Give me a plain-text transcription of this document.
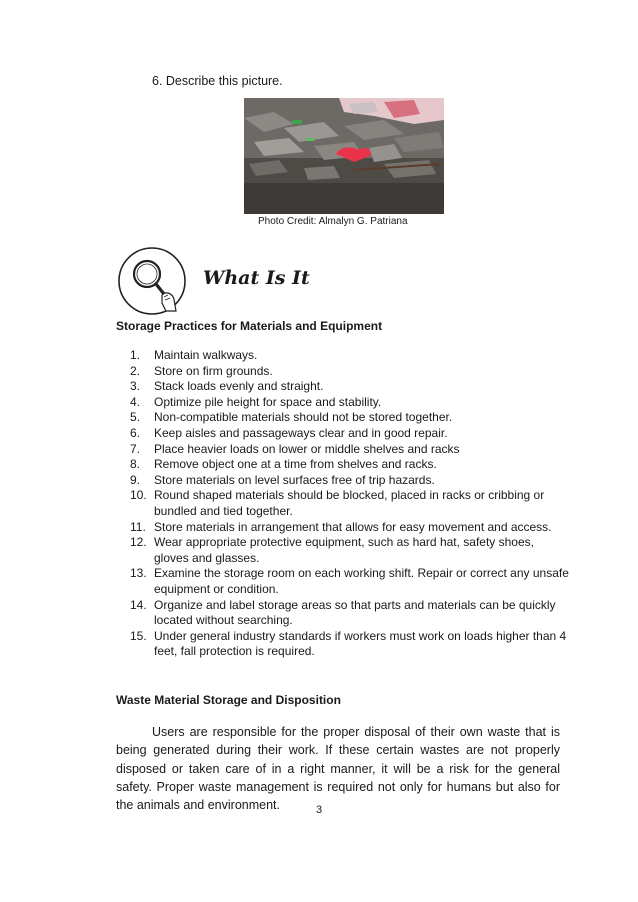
6. Describe this picture.
Photo Credit: Almalyn G. Patriana
What Is It
Storage Practices for Materials and Equipment
1.	Maintain walkways.
2.	Store on firm grounds.
3.	Stack loads evenly and straight.
4.	Optimize pile height for space and stability.
5.	Non-compatible materials should not be stored together.
6.	Keep aisles and passageways clear and in good repair.
7.	Place heavier loads on lower or middle shelves and racks
8.	Remove object one at a time from shelves and racks.
9.	Store materials on level surfaces free of trip hazards.
10. Round shaped materials should be blocked, placed in racks or cribbing or bundled and tied together.
11. Store materials in arrangement that allows for easy movement and access.
12. Wear appropriate protective equipment, such as hard hat, safety shoes, gloves and glasses.
13. Examine the storage room on each working shift. Repair or correct any unsafe equipment or condition.
14. Organize and label storage areas so that parts and materials can be quickly located without searching.
15. Under general industry standards if workers must work on loads higher than 4 feet, fall protection is required.
Waste Material Storage and Disposition
Users are responsible for the proper disposal of their own waste that is being generated during their work. If these certain wastes are not properly disposed or taken care of in a right manner, it will be a risk for the general safety. Proper waste management is required not only for humans but also for the animals and environment.	3
